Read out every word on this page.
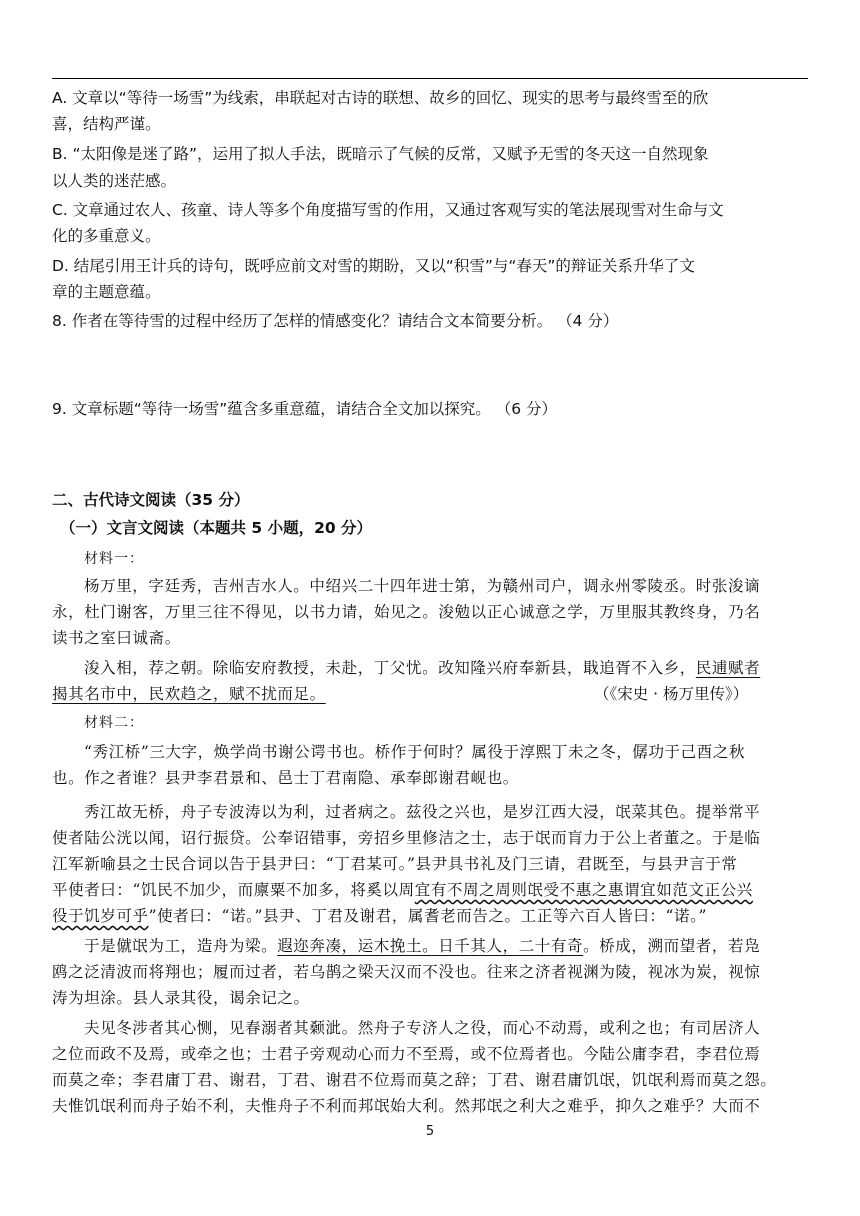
A. 文章以“等待一场雪”为线索，串联起对古诗的联想、故乡的回忆、现实的思考与最终雪至的欣
喜，结构严谨。
B. “太阳像是迷了路”，运用了拟人手法，既暗示了气候的反常，又赋予无雪的冬天这一自然现象
以人类的迷茫感。
C. 文章通过农人、孩童、诗人等多个角度描写雪的作用，又通过客观写实的笔法展现雪对生命与文
化的多重意义。
D. 结尾引用王计兵的诗句，既呼应前文对雪的期盼，又以“积雪”与“春天”的辩证关系升华了文
章的主题意蕴。
8. 作者在等待雪的过程中经历了怎样的情感变化？请结合文本简要分析。 （4 分）
9. 文章标题“等待一场雪”蕴含多重意蕴，请结合全文加以探究。 （6 分）
二、古代诗文阅读（35 分）
（一）文言文阅读（本题共 5 小题，20 分）
材料一：
杨万里，字廷秀，吉州吉水人。中绍兴二十四年进士第，为赣州司户，调永州零陵丞。时张浚谪
永，杜门谢客，万里三往不得见，以书力请，始见之。浚勉以正心诚意之学，万里服其教终身，乃名
读书之室曰诚斋。
浚入相，荐之朝。除临安府教授，未赴，丁父忧。改知隆兴府奉新县，戢追胥不入乡，民逋赋者
揭其名市中，民欢趋之，赋不扰而足。	（《宋史 · 杨万里传》）
材料二：
“秀江桥”三大字，焕学尚书谢公谔书也。桥作于何时？属役于淳熙丁未之冬，僝功于己酉之秋
也。作之者谁？县尹李君景和、邑士丁君南隐、承奉郎谢君岘也。
秀江故无桥，舟子专波涛以为利，过者病之。兹役之兴也，是岁江西大浸，氓菜其色。提举常平
使者陆公洸以闻，诏行振贷。公奉诏错事，旁招乡里修洁之士，志于氓而肓力于公上者董之。于是临
江军新喻县之士民合词以告于县尹曰：“丁君某可。”县尹具书礼及门三请，君既至，与县尹言于常
平使者曰：“饥民不加少，而廪粟不加多，将奚以周宜有不周之周则氓受不惠之惠谓宜如范文正公兴
役于饥岁可乎”使者曰：“诺。”县尹、丁君及谢君，属耆老而告之。工正等六百人皆曰：“诺。”
于是僦氓为工，造舟为梁。遐迩奔凑，运木挽土。日千其人，二十有奇。桥成，溯而望者，若凫
鸥之泛清波而将翔也；履而过者，若乌鹊之梁天汉而不没也。往来之济者视渊为陵，视冰为炭，视惊
涛为坦涂。县人录其役，谒余记之。
夫见冬涉者其心恻，见春溺者其颡泚。然舟子专济人之役，而心不动焉，或利之也；有司居济人
之位而政不及焉，或牵之也；士君子旁观动心而力不至焉，或不位焉者也。今陆公庸李君，李君位焉
而莫之牵；李君庸丁君、谢君，丁君、谢君不位焉而莫之辞；丁君、谢君庸饥氓，饥氓利焉而莫之怨。
夫惟饥氓利而舟子始不利，夫惟舟子不利而邦氓始大利。然邦氓之利大之难乎，抑久之难乎？大而不
5
